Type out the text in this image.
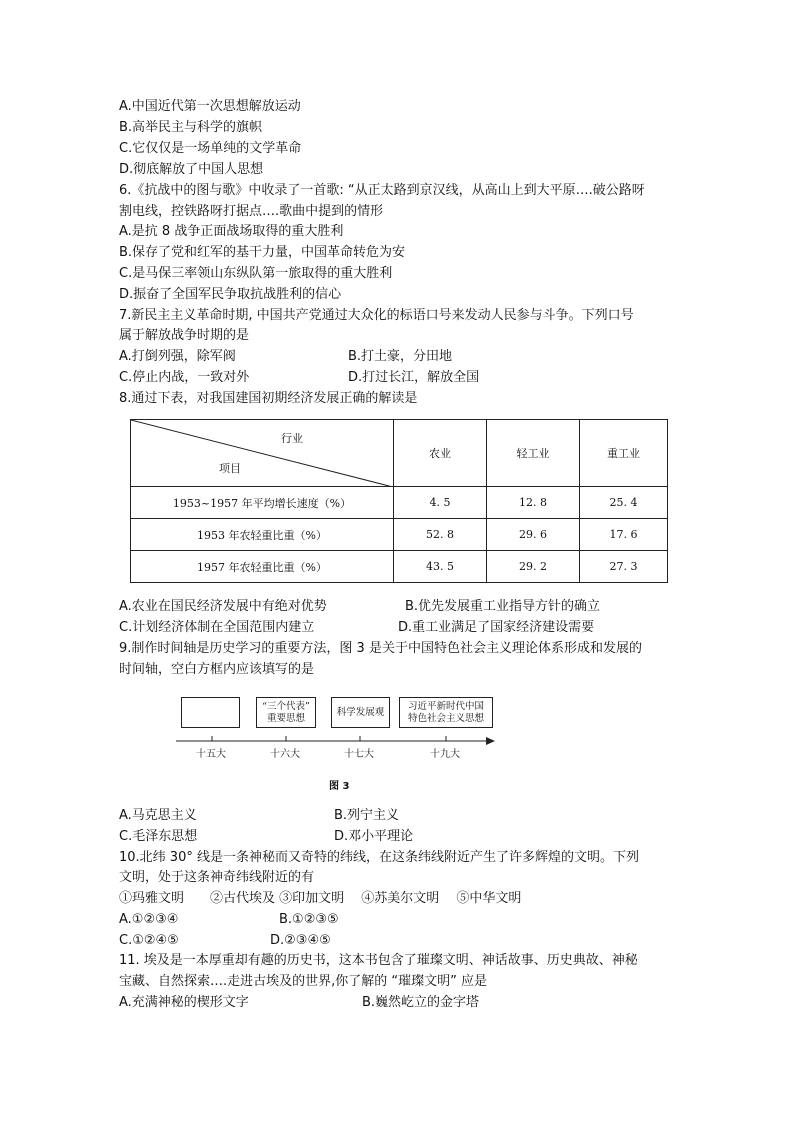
A.中国近代第一次思想解放运动
B.高举民主与科学的旗帜
C.它仅仅是一场单纯的文学革命
D.彻底解放了中国人思想
6.《抗战中的图与歌》中收录了一首歌: “从正太路到京汉线，从高山上到大平原….破公路呀
割电线，控铁路呀打据点….歌曲中提到的情形
A.是抗 8 战争正面战场取得的重大胜利
B.保存了党和红军的基干力量，中国革命转危为安
C.是马保三率领山东纵队第一旅取得的重大胜利
D.振奋了全国军民争取抗战胜利的信心
7.新民主主义革命时期, 中国共产党通过大众化的标语口号来发动人民参与斗争。下列口号
属于解放战争时期的是
A.打倒列强，除军阀	B.打土豪，分田地
C.停止内战，一致对外	D.打过长江，解放全国
8.通过下表，对我国建国初期经济发展正确的解读是
行业
项目	农业	轻工业	重工业
1953~1957 年平均增长速度（%）	4. 5	12. 8	25. 4
1953 年农轻重比重（%）	52. 8	29. 6	17. 6
1957 年农轻重比重（%）	43. 5	29. 2	27. 3
A.农业在国民经济发展中有绝对优势	B.优先发展重工业指导方针的确立
C.计划经济体制在全国范围内建立	D.重工业满足了国家经济建设需要
9.制作时间轴是历史学习的重要方法，图 3 是关于中国特色社会主义理论体系形成和发展的
时间轴，空白方框内应该填写的是
“三个代表”
重要思想
科学发展观
习近平新时代中国
特色社会主义思想
十五大	十六大	十七大	十九大
图 3
A.马克思主义	B.列宁主义
C.毛泽东思想	D.邓小平理论
10.北纬 30° 线是一条神秘而又奇特的纬线，在这条纬线附近产生了许多辉煌的文明。下列
文明，处于这条神奇纬线附近的有
①玛雅文明　　②古代埃及 ③印加文明　 ④苏美尔文明　 ⑤中华文明
A.①②③④	B.①②③⑤
C.①②④⑤	D.②③④⑤
11. 埃及是一本厚重却有趣的历史书，这本书包含了璀璨文明、神话故事、历史典故、神秘
宝藏、自然探索….走进古埃及的世界,你了解的 “璀璨文明” 应是
A.充满神秘的楔形文字	B.巍然屹立的金字塔
